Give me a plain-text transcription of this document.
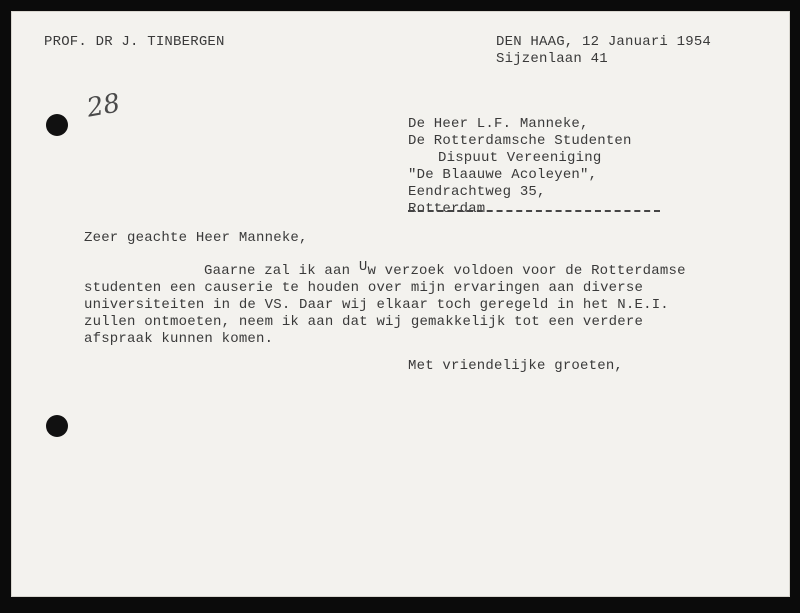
28
PROF. DR J. TINBERGEN	DEN HAAG, 12 Januari 1954
Sijzenlaan 41
De Heer L.F. Manneke,
De Rotterdamsche Studenten
Dispuut Vereeniging
"De Blaauwe Acoleyen",
Eendrachtweg 35,
Rotterdam
Zeer geachte Heer Manneke,
Gaarne zal ik aan Uw verzoek voldoen voor de Rotterdamse
studenten een causerie te houden over mijn ervaringen aan diverse
universiteiten in de VS. Daar wij elkaar toch geregeld in het N.E.I.
zullen ontmoeten, neem ik aan dat wij gemakkelijk tot een verdere
afspraak kunnen komen.
Met vriendelijke groeten,
